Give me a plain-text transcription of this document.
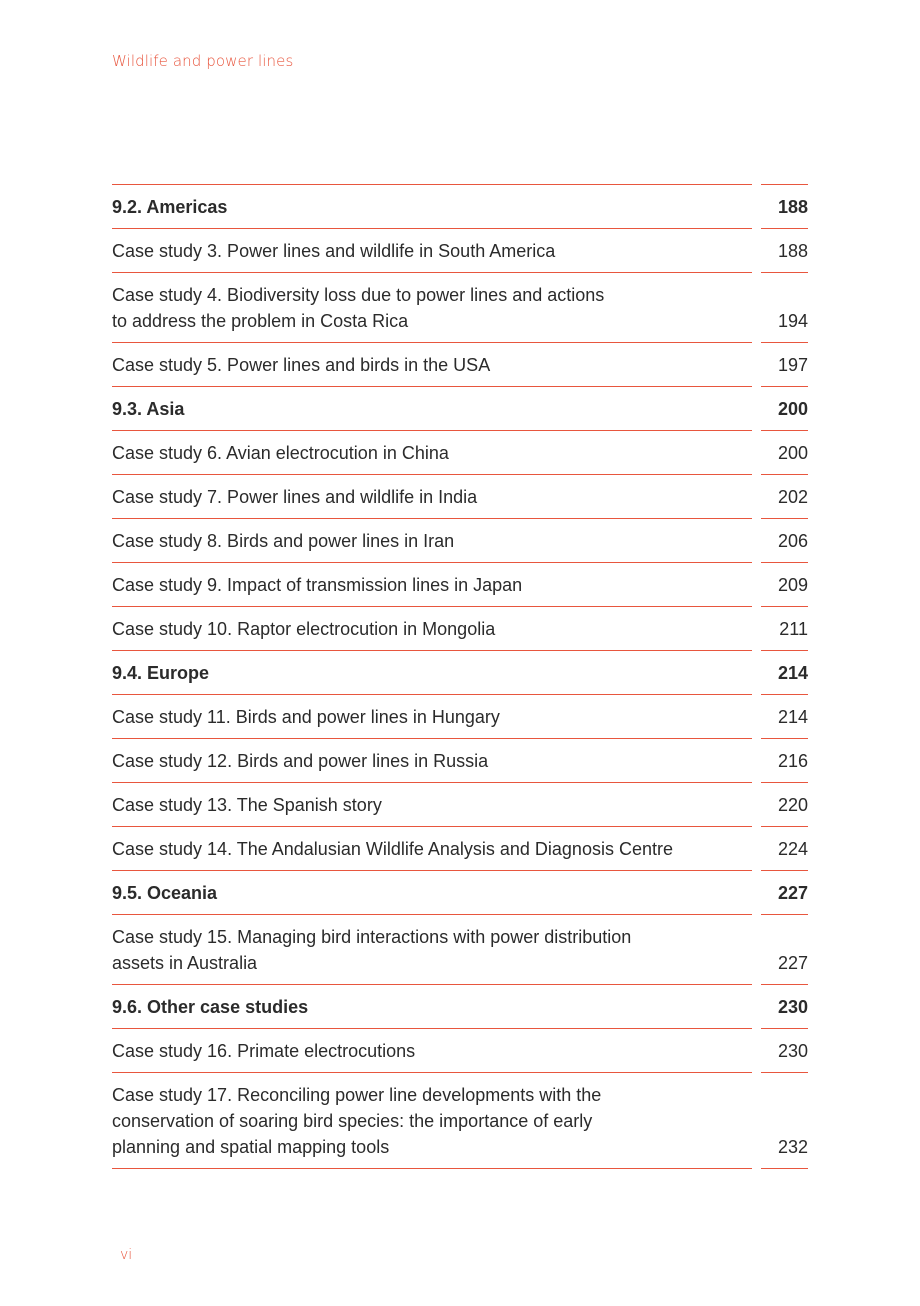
Wildlife and power lines
9.2. Americas	188
Case study 3. Power lines and wildlife in South America	188
Case study 4. Biodiversity loss due to power lines and actions
to address the problem in Costa Rica	194
Case study 5. Power lines and birds in the USA	197
9.3. Asia	200
Case study 6. Avian electrocution in China	200
Case study 7. Power lines and wildlife in India	202
Case study 8. Birds and power lines in Iran	206
Case study 9. Impact of transmission lines in Japan	209
Case study 10. Raptor electrocution in Mongolia	211
9.4. Europe	214
Case study 11. Birds and power lines in Hungary	214
Case study 12. Birds and power lines in Russia	216
Case study 13. The Spanish story	220
Case study 14. The Andalusian Wildlife Analysis and Diagnosis Centre	224
9.5. Oceania	227
Case study 15. Managing bird interactions with power distribution
assets in Australia	227
9.6. Other case studies	230
Case study 16. Primate electrocutions	230
Case study 17. Reconciling power line developments with the
conservation of soaring bird species: the importance of early
planning and spatial mapping tools	232
vi
